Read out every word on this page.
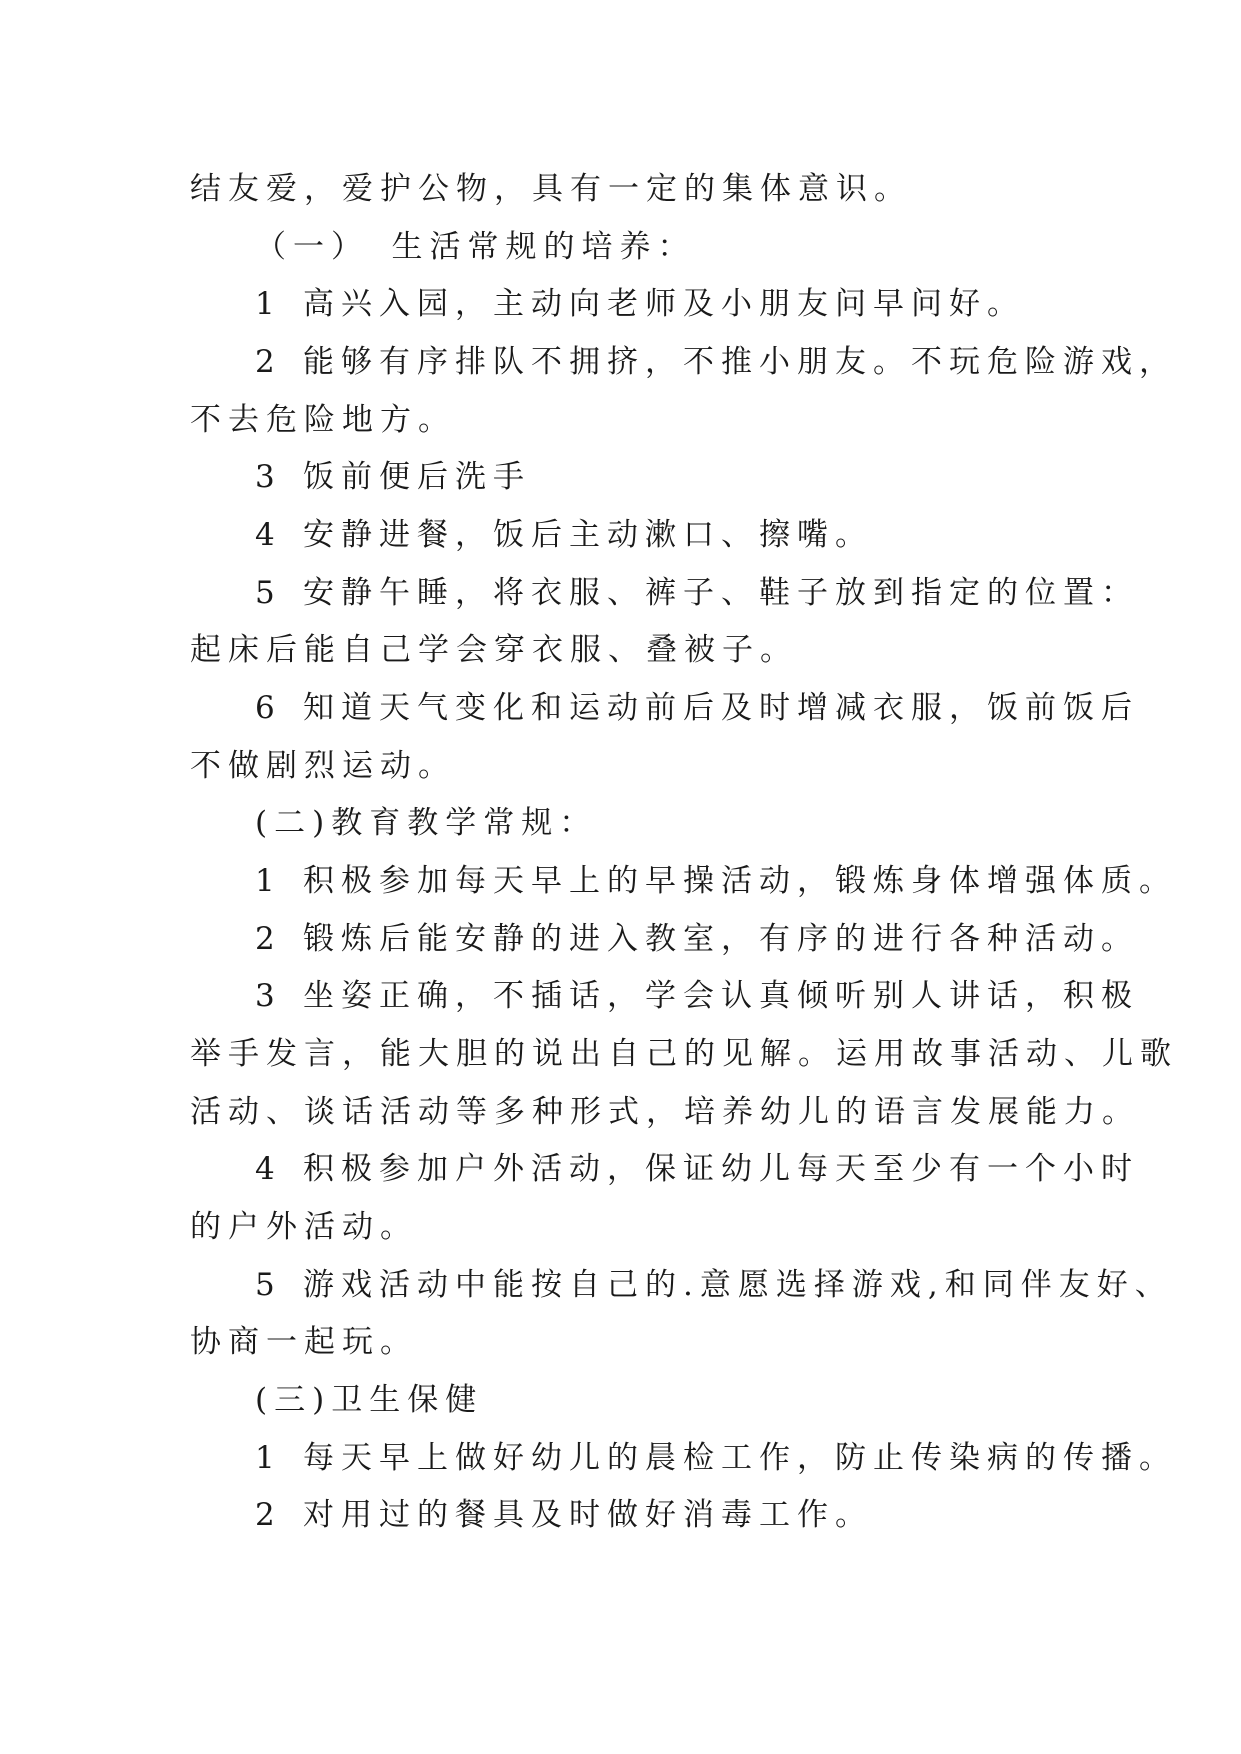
结友爱，爱护公物，具有一定的集体意识。
（一）　生活常规的培养：
1 高兴入园，主动向老师及小朋友问早问好。
2 能够有序排队不拥挤，不推小朋友。不玩危险游戏，
不去危险地方。
3 饭前便后洗手
4 安静进餐，饭后主动漱口、擦嘴。
5 安静午睡，将衣服、裤子、鞋子放到指定的位置：
起床后能自己学会穿衣服、叠被子。
6 知道天气变化和运动前后及时增减衣服，饭前饭后
不做剧烈运动。
(二)教育教学常规：
1 积极参加每天早上的早操活动，锻炼身体增强体质。
2 锻炼后能安静的进入教室，有序的进行各种活动。
3 坐姿正确，不插话，学会认真倾听别人讲话，积极
举手发言，能大胆的说出自己的见解。运用故事活动、儿歌
活动、谈话活动等多种形式，培养幼儿的语言发展能力。
4 积极参加户外活动，保证幼儿每天至少有一个小时
的户外活动。
5 游戏活动中能按自己的.意愿选择游戏,和同伴友好、
协商一起玩。
(三)卫生保健
1 每天早上做好幼儿的晨检工作，防止传染病的传播。
2 对用过的餐具及时做好消毒工作。
